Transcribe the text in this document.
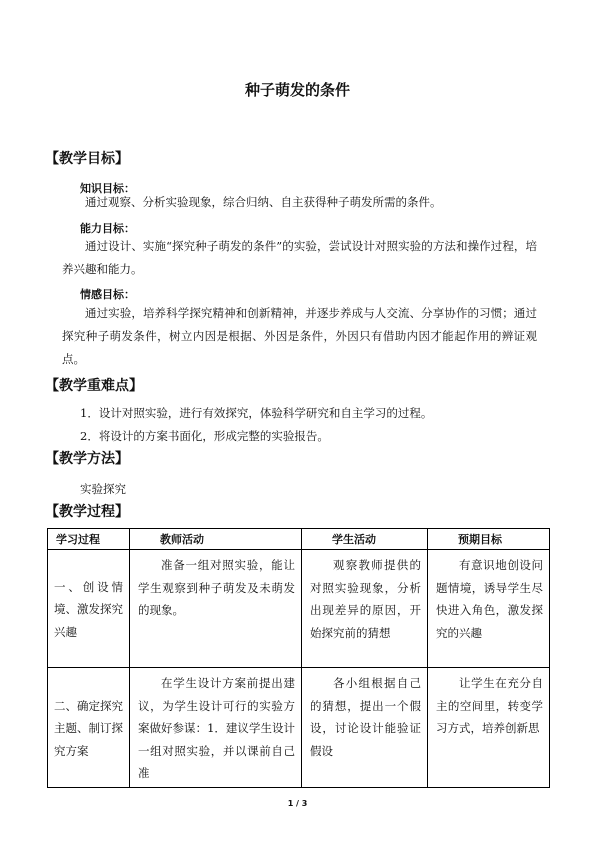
种子萌发的条件
【教学目标】
知识目标：
通过观察、分析实验现象，综合归纳、自主获得种子萌发所需的条件。
能力目标：
通过设计、实施“探究种子萌发的条件”的实验，尝试设计对照实验的方法和操作过程，培养兴趣和能力。
情感目标：
通过实验，培养科学探究精神和创新精神，并逐步养成与人交流、分享协作的习惯；通过探究种子萌发条件，树立内因是根据、外因是条件，外因只有借助内因才能起作用的辨证观点。
【教学重难点】
1．设计对照实验，进行有效探究，体验科学研究和自主学习的过程。
2．将设计的方案书面化，形成完整的实验报告。
【教学方法】
实验探究
【教学过程】
学习过程	教师活动	学生活动	预期目标
一、创设情境、激发探究兴趣	准备一组对照实验，能让学生观察到种子萌发及未萌发的现象。	观察教师提供的对照实验现象，分析出现差异的原因，开始探究前的猜想	有意识地创设问题情境，诱导学生尽快进入角色，激发探究的兴趣

二、确定探究主题、制订探究方案	在学生设计方案前提出建议，为学生设计可行的实验方案做好参谋：1．建议学生设计一组对照实验，并以课前自己准	各小组根据自己的猜想，提出一个假设，讨论设计能验证假设	让学生在充分自主的空间里，转变学习方式，培养创新思
1 / 3
